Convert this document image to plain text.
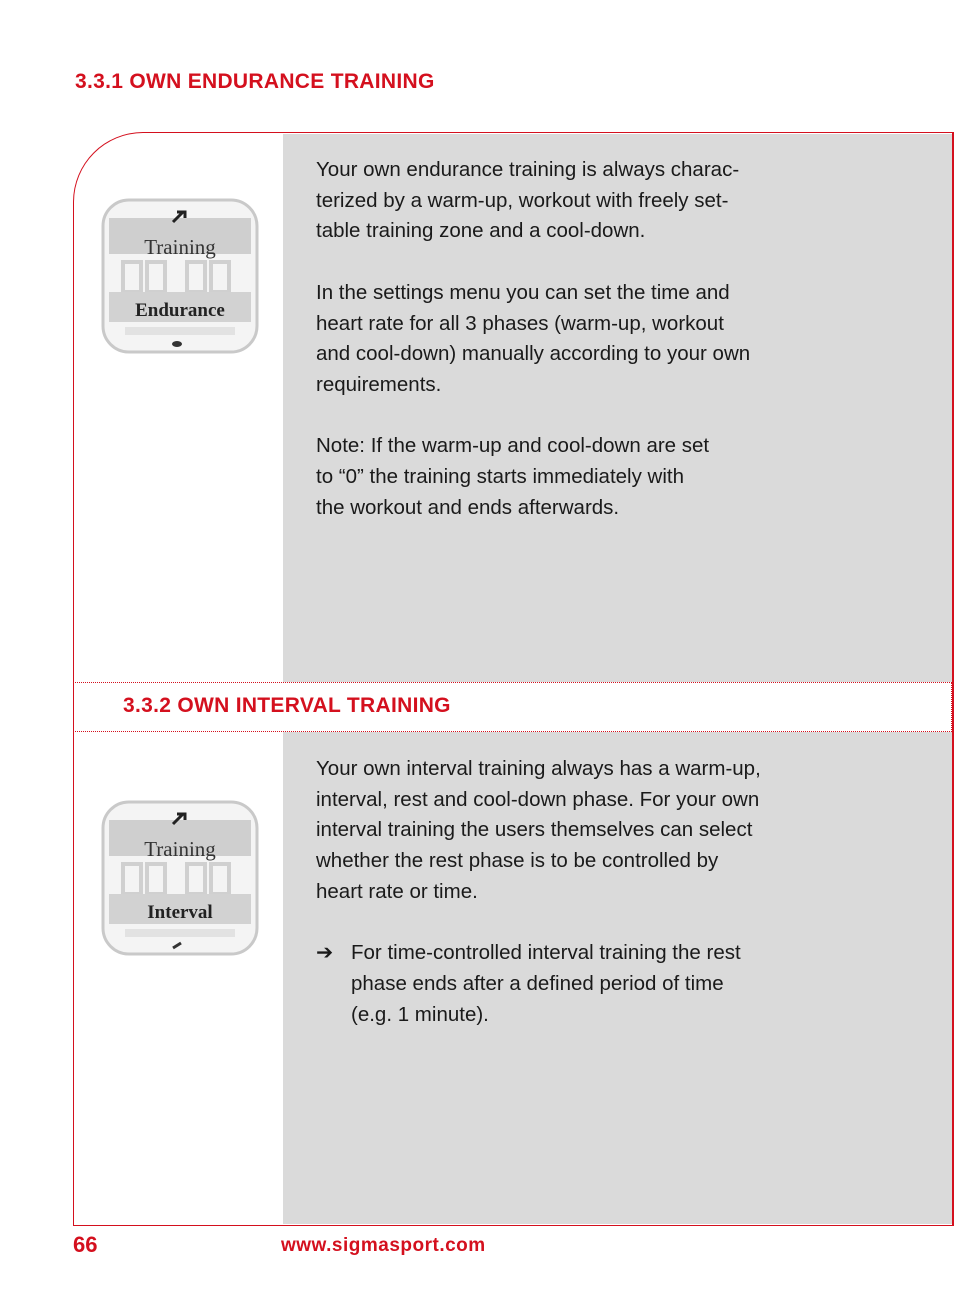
3.3.1 OWN ENDURANCE TRAINING
3.3.2 OWN INTERVAL TRAINING
Training
Endurance
Training
Interval

Your own endurance training is always charac-
terized by a warm-up, workout with freely set-
table training zone and a cool-down.

In the settings menu you can set the time and
heart rate for all 3 phases (warm-up, workout
and cool-down) manually according to your own
requirements.

Note: If the warm-up and cool-down are set
to “0” the training starts immediately with
the workout and ends afterwards.

Your own interval training always has a warm-up,
interval, rest and cool-down phase. For your own
interval training the users themselves can select
whether the rest phase is to be controlled by
heart rate or time.

➔ For time-controlled interval training the rest
phase ends after a defined period of time
(e.g. 1 minute).
66	www.sigmasport.com
